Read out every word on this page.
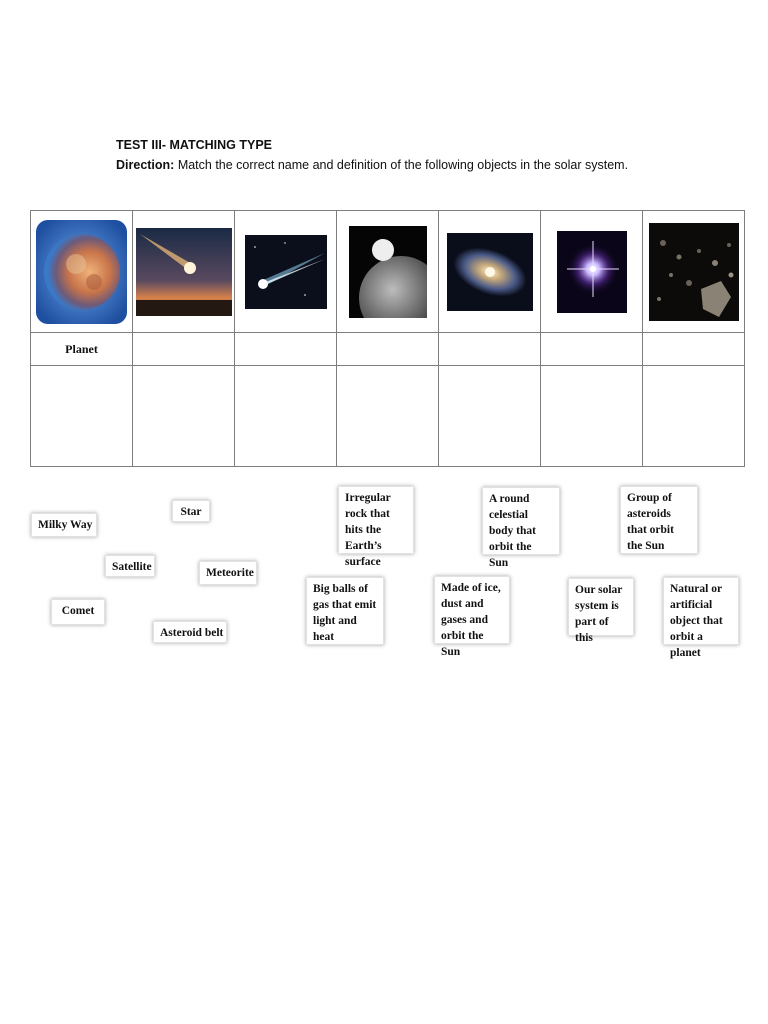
TEST III- MATCHING TYPE
Direction: Match the correct name and definition of the following objects in the solar system.

Planet						

Milky Way
Star
Satellite	Meteorite
Comet
Asteroid belt
Irregular rock that hits the Earth’s surface
A round celestial body that orbit the Sun
Group of asteroids that orbit the Sun
Big balls of gas that emit light and heat
Made of ice, dust and gases and orbit the Sun
Our solar system is part of this
Natural or artificial object that orbit a planet
